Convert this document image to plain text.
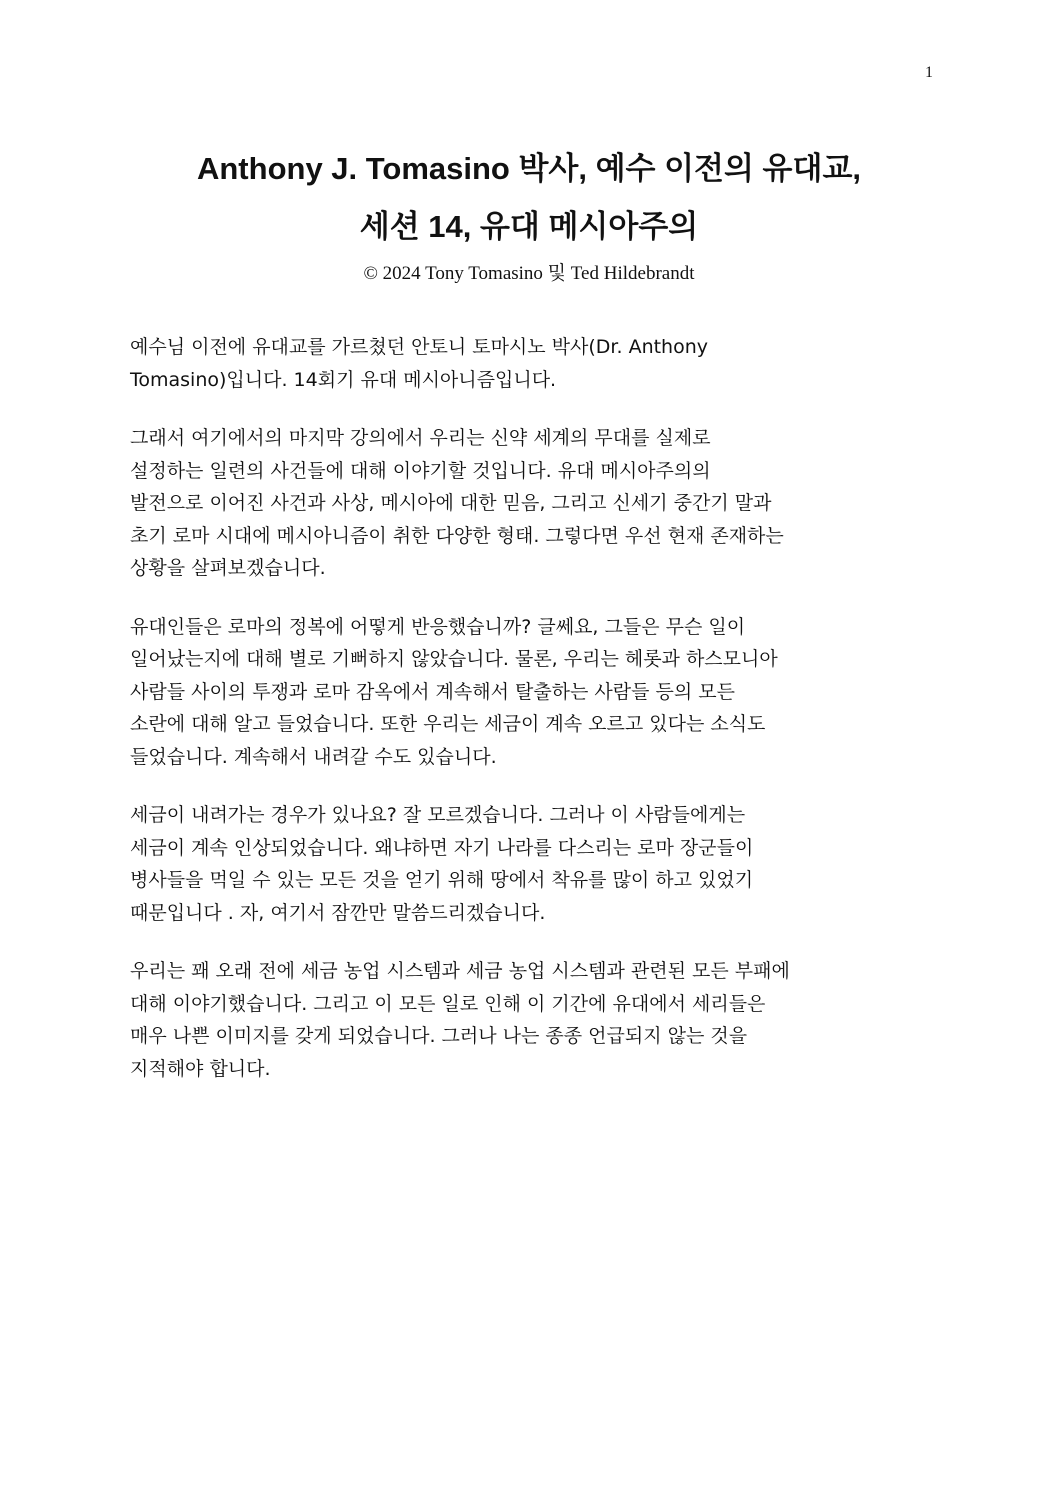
1
Anthony J. Tomasino 박사, 예수 이전의 유대교,
세션 14, 유대 메시아주의
© 2024 Tony Tomasino 및 Ted Hildebrandt
예수님 이전에 유대교를 가르쳤던 안토니 토마시노 박사(Dr. Anthony
Tomasino)입니다. 14회기 유대 메시아니즘입니다.
그래서 여기에서의 마지막 강의에서 우리는 신약 세계의 무대를 실제로
설정하는 일련의 사건들에 대해 이야기할 것입니다. 유대 메시아주의의
발전으로 이어진 사건과 사상, 메시아에 대한 믿음, 그리고 신세기 중간기 말과
초기 로마 시대에 메시아니즘이 취한 다양한 형태. 그렇다면 우선 현재 존재하는
상황을 살펴보겠습니다.
유대인들은 로마의 정복에 어떻게 반응했습니까? 글쎄요, 그들은 무슨 일이
일어났는지에 대해 별로 기뻐하지 않았습니다. 물론, 우리는 헤롯과 하스모니아
사람들 사이의 투쟁과 로마 감옥에서 계속해서 탈출하는 사람들 등의 모든
소란에 대해 알고 들었습니다. 또한 우리는 세금이 계속 오르고 있다는 소식도
들었습니다. 계속해서 내려갈 수도 있습니다.
세금이 내려가는 경우가 있나요? 잘 모르겠습니다. 그러나 이 사람들에게는
세금이 계속 인상되었습니다. 왜냐하면 자기 나라를 다스리는 로마 장군들이
병사들을 먹일 수 있는 모든 것을 얻기 위해 땅에서 착유를 많이 하고 있었기
때문입니다 . 자, 여기서 잠깐만 말씀드리겠습니다.
우리는 꽤 오래 전에 세금 농업 시스템과 세금 농업 시스템과 관련된 모든 부패에
대해 이야기했습니다. 그리고 이 모든 일로 인해 이 기간에 유대에서 세리들은
매우 나쁜 이미지를 갖게 되었습니다. 그러나 나는 종종 언급되지 않는 것을
지적해야 합니다.
